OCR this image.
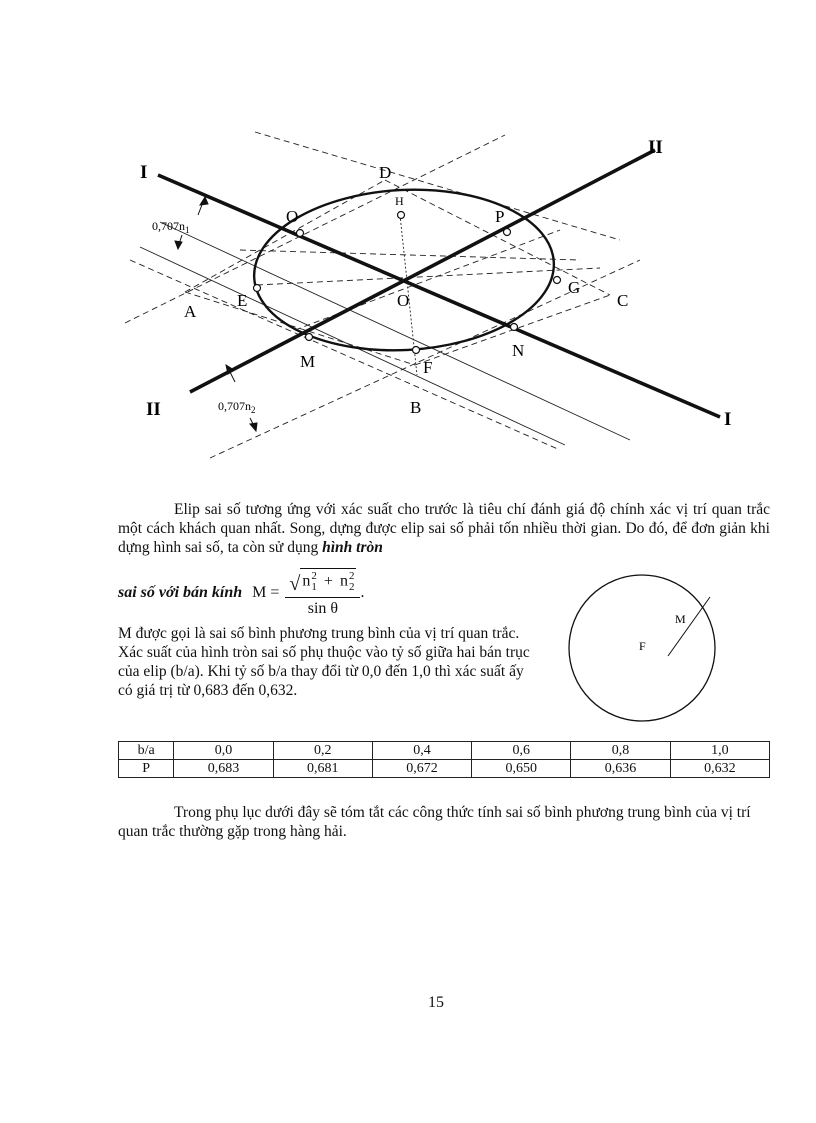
I
II
II	I
D
H
O	P
A
E	O
G
C
M
N
F
B
$0,707n_1$
$0,707n_2$
Elip sai số tương ứng với xác suất cho trước là tiêu chí đánh giá độ chính xác vị trí quan trắc một cách khách quan nhất. Song, dựng được elip sai số phải tốn nhiều thời gian. Do đó, để đơn giản khi dựng hình sai số, ta còn sử dụng hình tròn
sai số với bán kính M = √ n 2
1 + n 2
2
sin θ .
M được gọi là sai số bình phương trung bình của vị trí quan trắc. Xác suất của hình tròn sai số phụ thuộc vào tỷ số giữa hai bán trục của elip (b/a). Khi tỷ số b/a thay đổi từ 0,0 đến 1,0 thì xác suất ấy có giá trị từ 0,683 đến 0,632.
M
F
b/a	0,0	0,2	0,4	0,6	0,8	1,0
P	0,683	0,681	0,672	0,650	0,636	0,632
Trong phụ lục dưới đây sẽ tóm tắt các công thức tính sai số bình phương trung bình của vị trí quan trắc thường gặp trong hàng hải.
15
